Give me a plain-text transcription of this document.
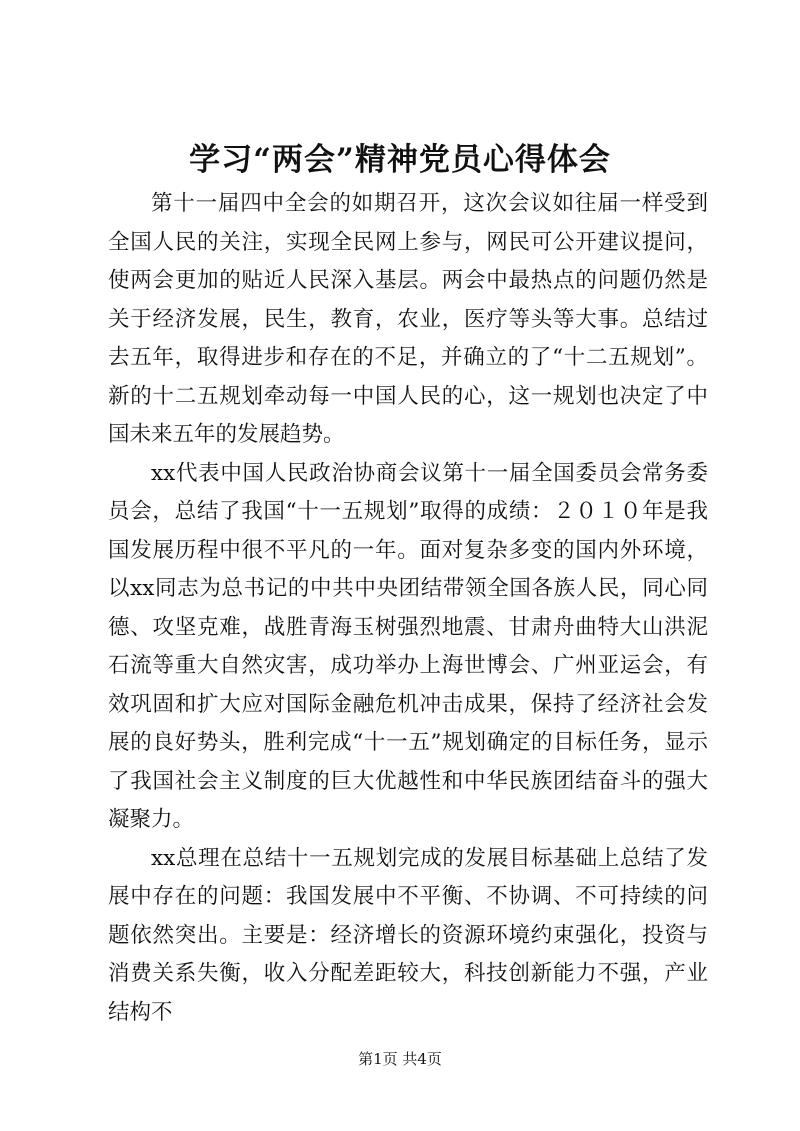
学习“两会”精神党员心得体会

第十一届四中全会的如期召开，这次会议如往届一样受到全国人民的关注，实现全民网上参与，网民可公开建议提问，使两会更加的贴近人民深入基层。两会中最热点的问题仍然是关于经济发展，民生，教育，农业，医疗等头等大事。总结过去五年，取得进步和存在的不足，并确立的了“十二五规划”。新的十二五规划牵动每一中国人民的心，这一规划也决定了中国未来五年的发展趋势。

xx代表中国人民政治协商会议第十一届全国委员会常务委员会，总结了我国“十一五规划”取得的成绩：２０１０年是我国发展历程中很不平凡的一年。面对复杂多变的国内外环境，以xx同志为总书记的中共中央团结带领全国各族人民，同心同德、攻坚克难，战胜青海玉树强烈地震、甘肃舟曲特大山洪泥石流等重大自然灾害，成功举办上海世博会、广州亚运会，有效巩固和扩大应对国际金融危机冲击成果，保持了经济社会发展的良好势头，胜利完成“十一五”规划确定的目标任务，显示了我国社会主义制度的巨大优越性和中华民族团结奋斗的强大凝聚力。

xx总理在总结十一五规划完成的发展目标基础上总结了发展中存在的问题：我国发展中不平衡、不协调、不可持续的问题依然突出。主要是：经济增长的资源环境约束强化，投资与消费关系失衡，收入分配差距较大，科技创新能力不强，产业结构不

第1页 共4页
